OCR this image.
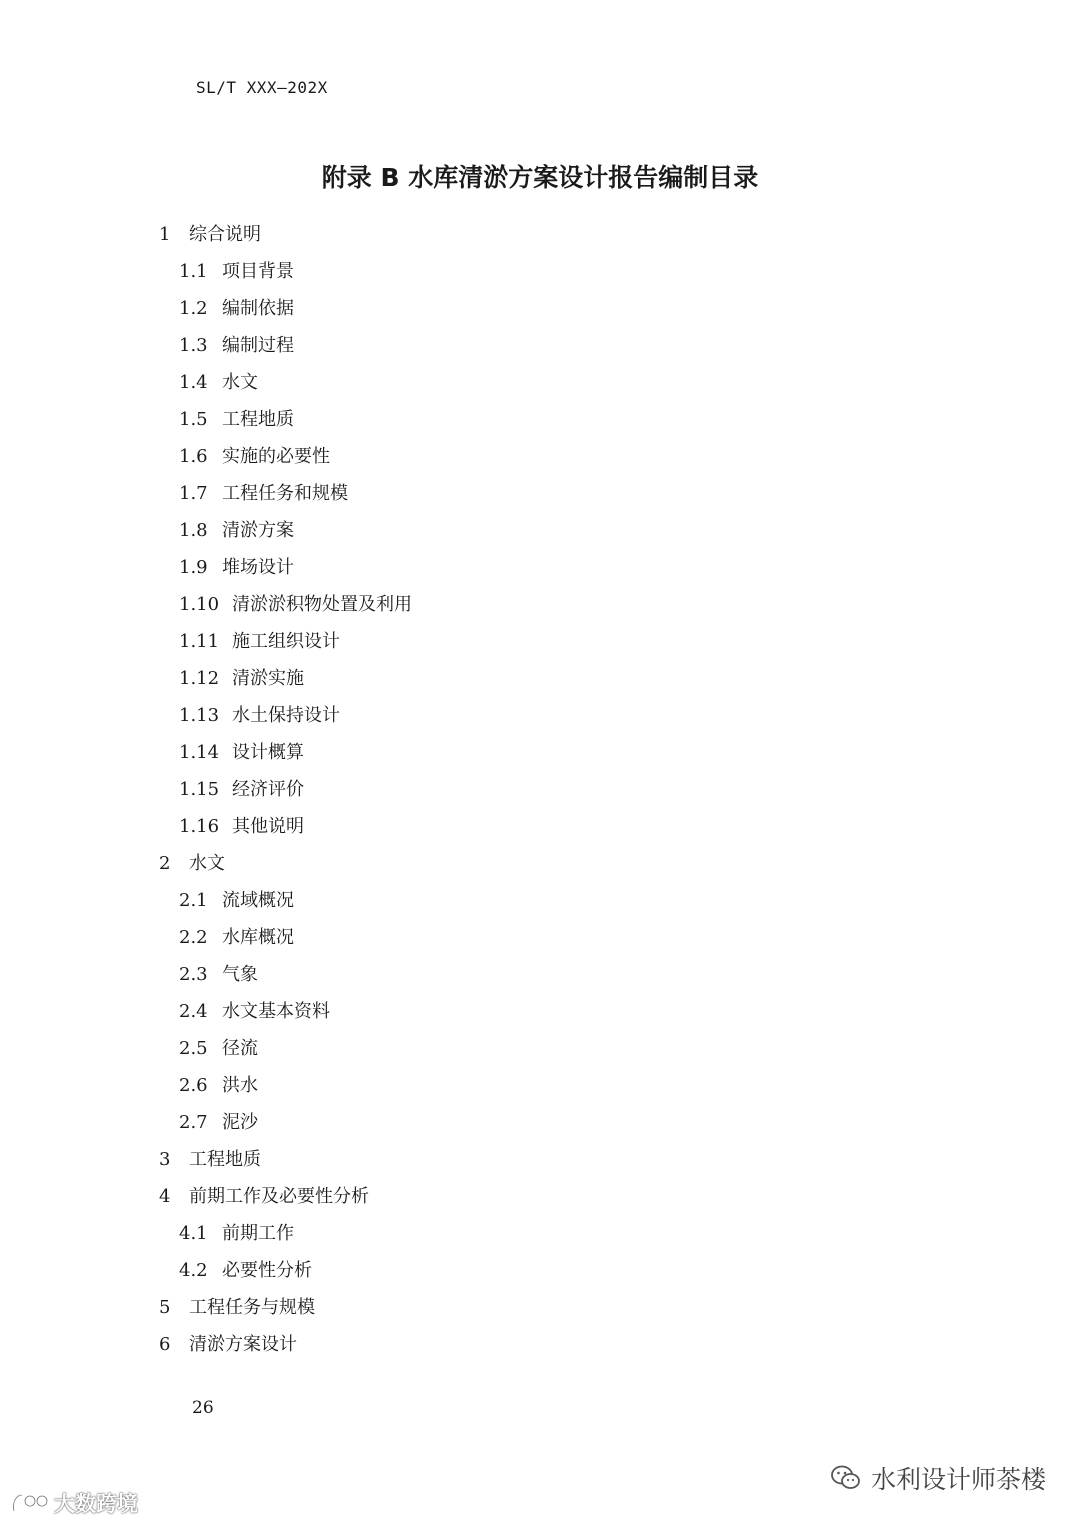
SL/T XXX—202X
附录 B 水库清淤方案设计报告编制目录
1	综合说明
1.1 项目背景
1.2 编制依据
1.3 编制过程
1.4 水文
1.5 工程地质
1.6 实施的必要性
1.7 工程任务和规模
1.8 清淤方案
1.9 堆场设计
1.10 清淤淤积物处置及利用
1.11 施工组织设计
1.12 清淤实施
1.13 水土保持设计
1.14 设计概算
1.15 经济评价
1.16 其他说明
2	水文
2.1 流域概况
2.2 水库概况
2.3 气象
2.4 水文基本资料
2.5 径流
2.6 洪水
2.7 泥沙
3	工程地质
4	前期工作及必要性分析
4.1 前期工作
4.2 必要性分析
5	工程任务与规模
6	清淤方案设计
26
水利设计师茶楼
大数跨境
